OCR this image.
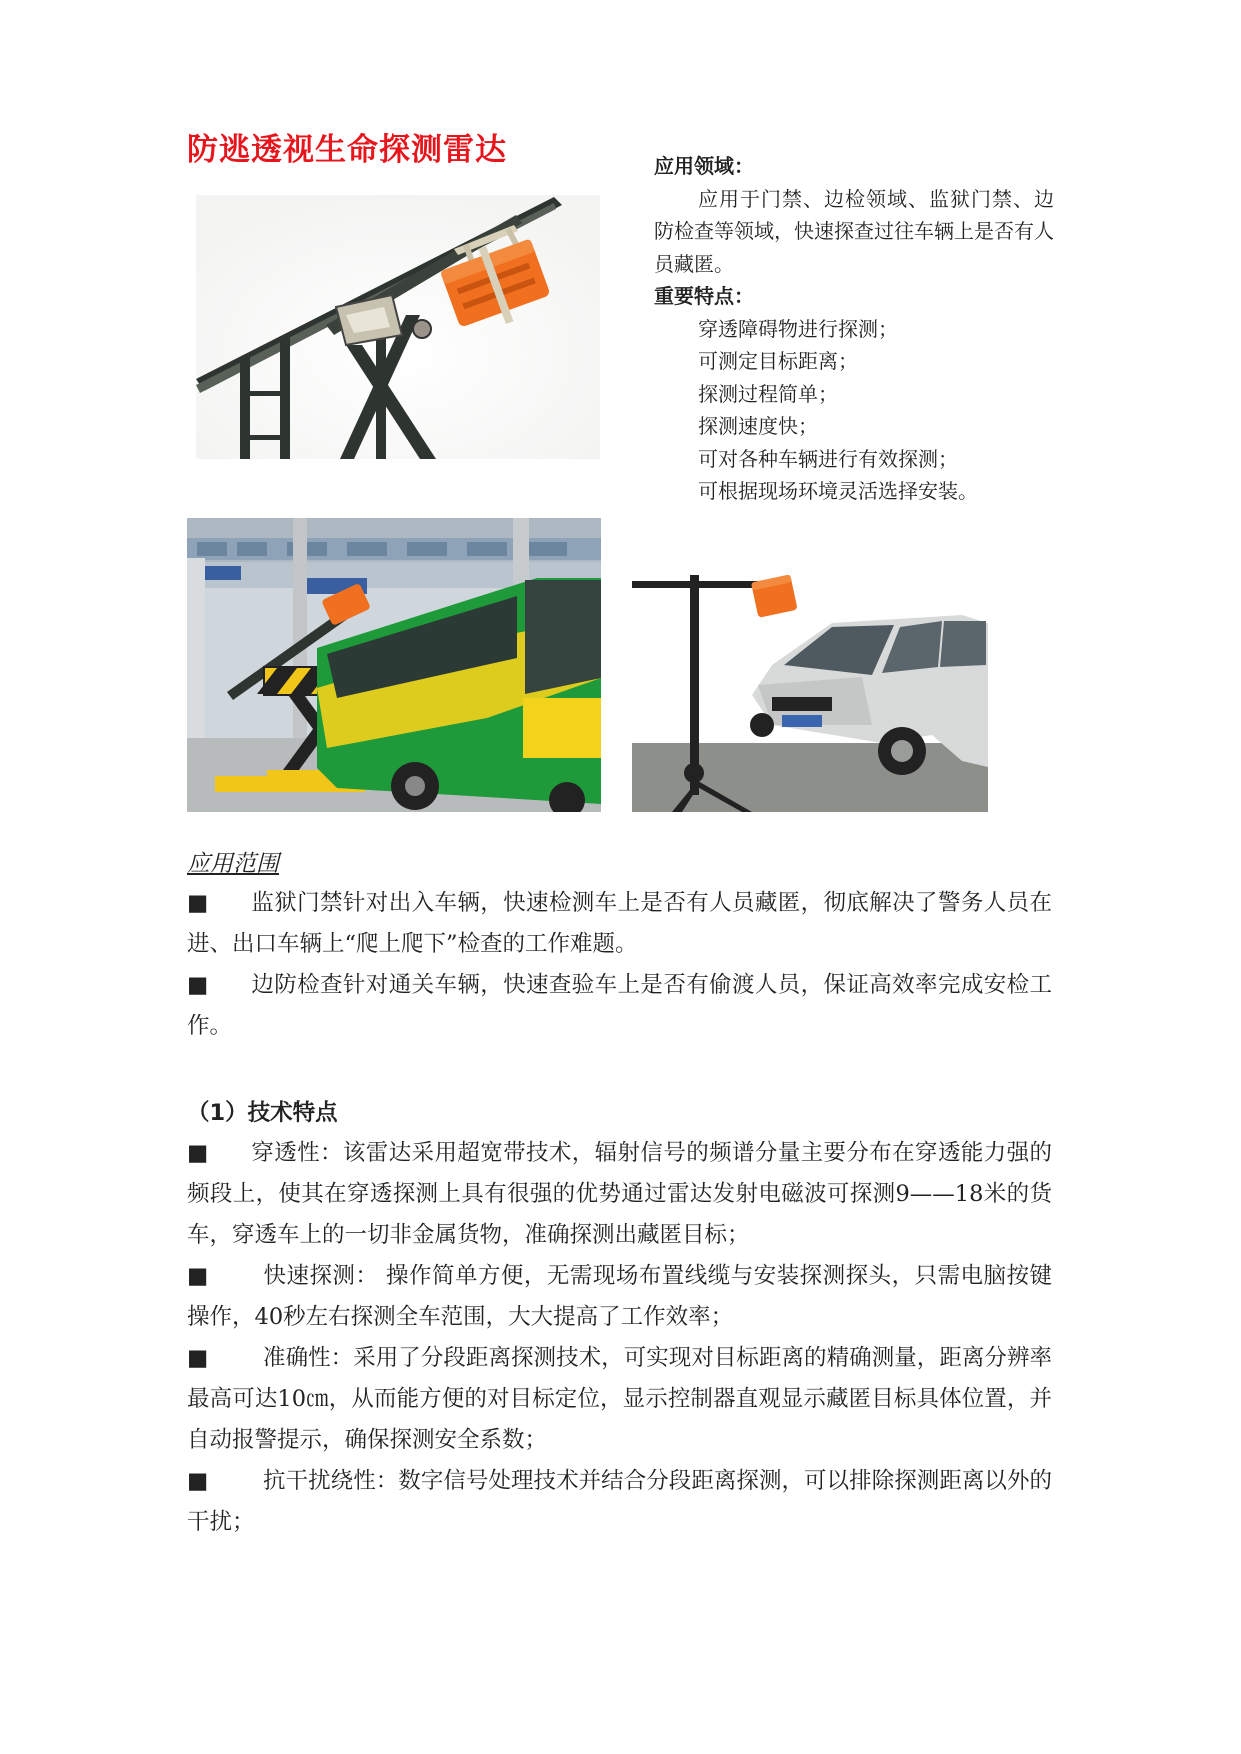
防逃透视生命探测雷达	应用领域：
应用于门禁、边检领域、监狱门禁、边防检查等领域，快速探查过往车辆上是否有人员藏匿。
重要特点：
穿透障碍物进行探测；
可测定目标距离；
探测过程简单；
探测速度快；
可对各种车辆进行有效探测；
可根据现场环境灵活选择安装。
应用范围
■ 监狱门禁针对出入车辆，快速检测车上是否有人员藏匿，彻底解决了警务人员在进、出口车辆上“爬上爬下”检查的工作难题。
■ 边防检查针对通关车辆，快速查验车上是否有偷渡人员，保证高效率完成安检工作。
（1）技术特点
■ 穿透性：该雷达采用超宽带技术，辐射信号的频谱分量主要分布在穿透能力强的频段上，使其在穿透探测上具有很强的优势通过雷达发射电磁波可探测9——18米的货车，穿透车上的一切非金属货物，准确探测出藏匿目标；
■ 快速探测： 操作简单方便，无需现场布置线缆与安装探测探头，只需电脑按键操作，40秒左右探测全车范围，大大提高了工作效率；
■ 准确性：采用了分段距离探测技术，可实现对目标距离的精确测量，距离分辨率最高可达10㎝，从而能方便的对目标定位，显示控制器直观显示藏匿目标具体位置，并自动报警提示，确保探测安全系数；
■ 抗干扰绕性：数字信号处理技术并结合分段距离探测，可以排除探测距离以外的干扰；
